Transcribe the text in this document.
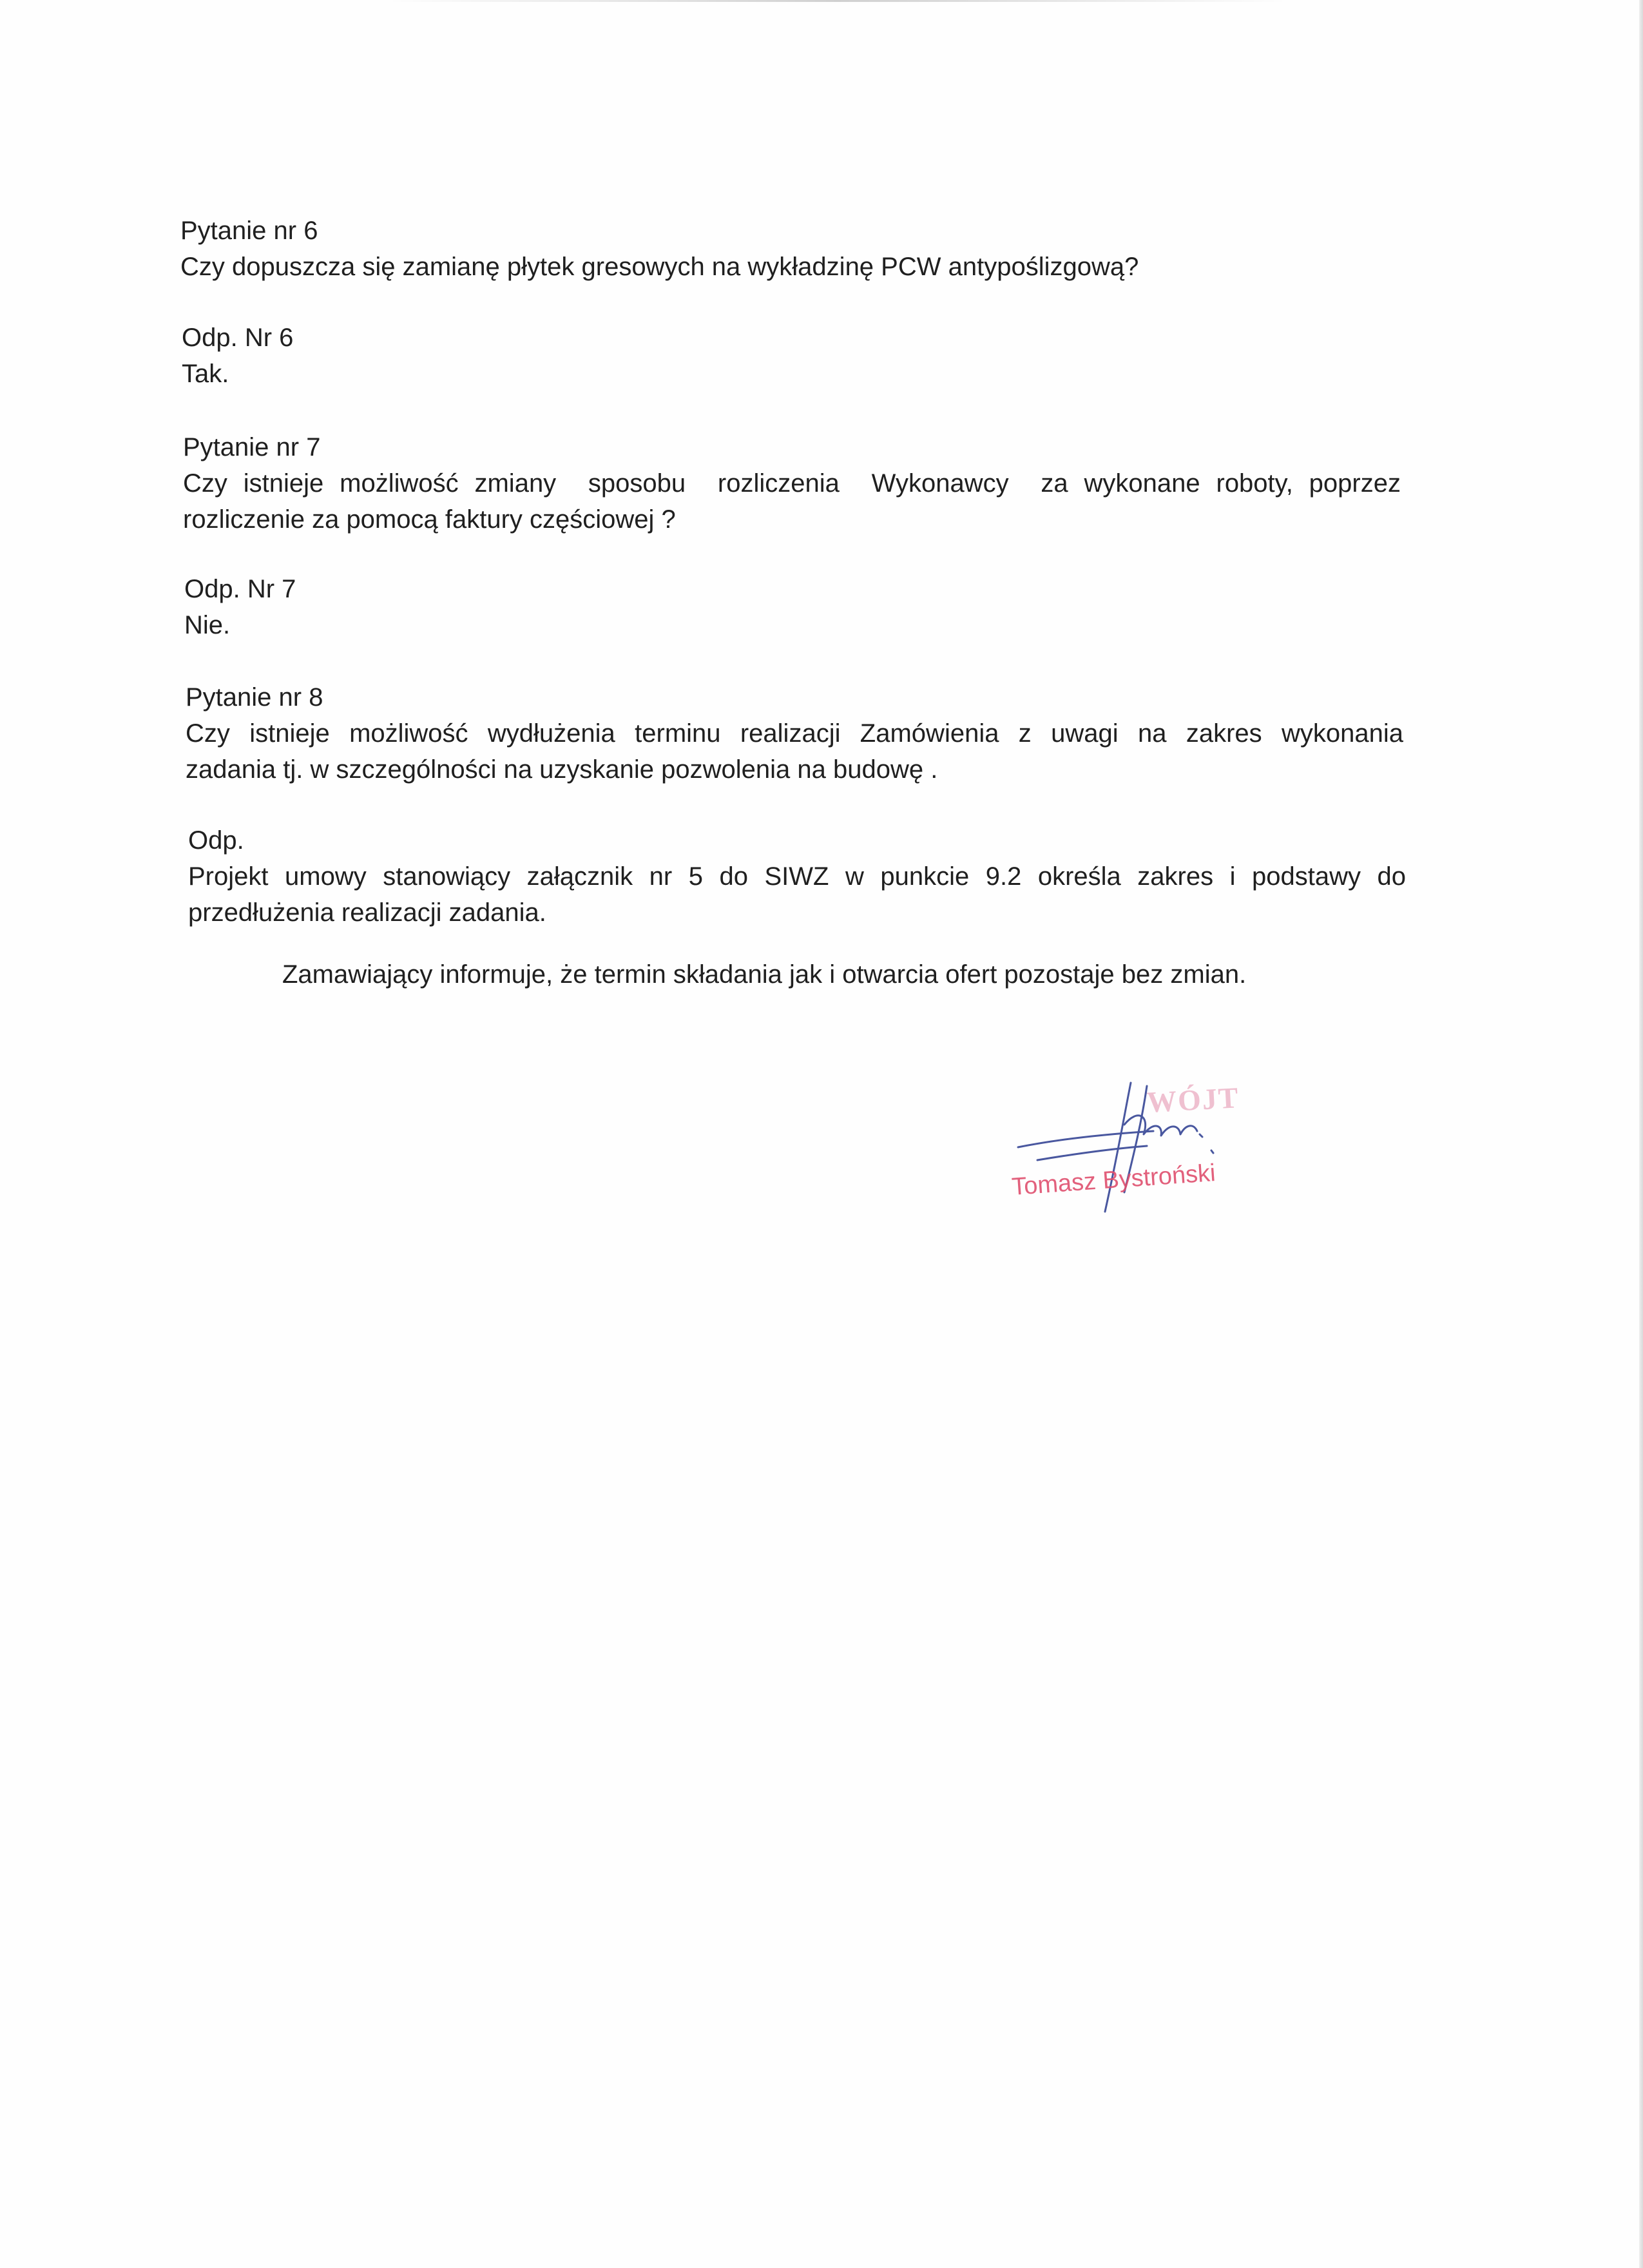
Pytanie nr 6
Czy dopuszcza się zamianę płytek gresowych na wykładzinę PCW antypoślizgową?
Odp. Nr 6
Tak.
Pytanie nr 7
Czy istnieje możliwość zmiany  sposobu  rozliczenia  Wykonawcy  za wykonane roboty, poprzez
rozliczenie za pomocą faktury częściowej ?
Odp. Nr 7
Nie.
Pytanie nr 8
Czy istnieje możliwość wydłużenia terminu realizacji Zamówienia z uwagi na zakres wykonania
zadania tj. w szczególności na uzyskanie pozwolenia na budowę .
Odp.
Projekt umowy stanowiący załącznik nr 5 do SIWZ w punkcie 9.2 określa zakres i podstawy do
przedłużenia realizacji zadania.
Zamawiający informuje, że termin składania jak i otwarcia ofert pozostaje bez zmian.
WÓJT
Tomasz Bystroński
